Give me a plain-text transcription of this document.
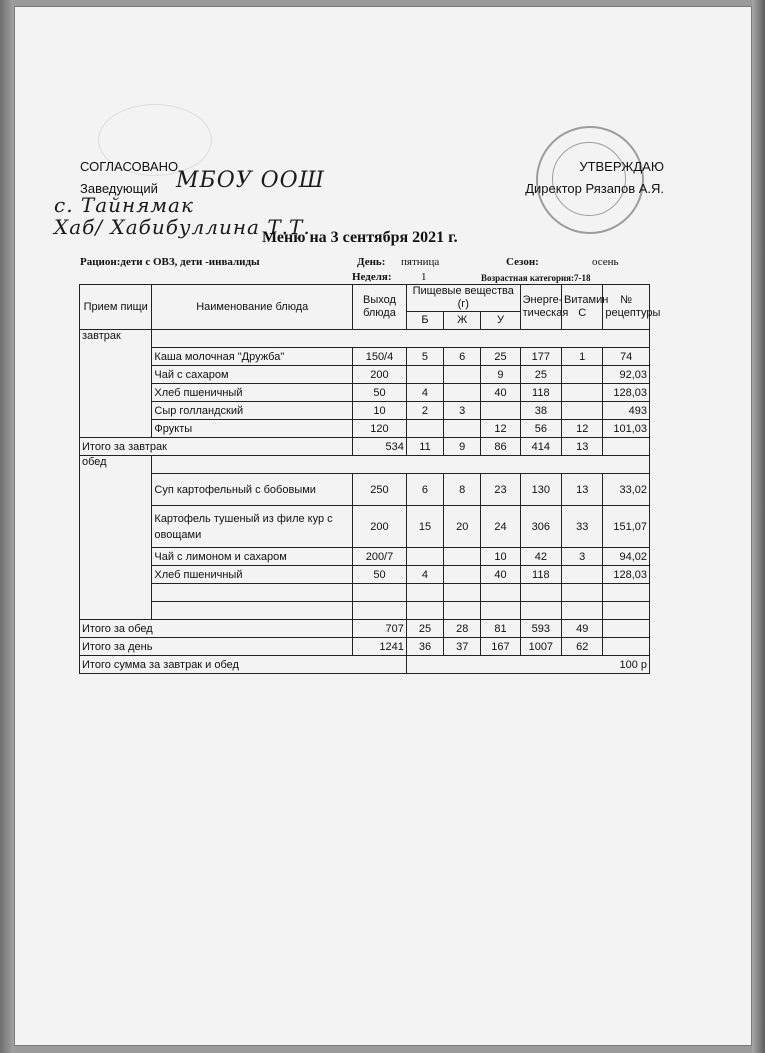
СОГЛАСОВАНО
Заведующий МБОУ ООШ
с. Тайнямак
Хаб/ Хабибуллина Т.Т.
УТВЕРЖДАЮ
Директор Рязапов А.Я.
Меню на 3 сентября 2021 г.
Рацион:дети с ОВЗ, дети -инвалиды	День: пятница	Сезон:	осень
Неделя:	1	Возрастная категория:7-18
Прием пищи	Наименование блюда	Выход блюда	Пищевые вещества (г)			Энерге-тическая	Витамин С	№ рецептуры
			Б	Ж	У			
завтрак								
	Каша молочная "Дружба"	150/4	5	6	25	177	1	74
	Чай с сахаром	200			9	25		92,03
	Хлеб пшеничный	50	4		40	118		128,03
	Сыр голландский	10	2	3		38		493
	Фрукты	120			12	56	12	101,03
Итого за завтрак		534	11	9	86	414	13	
обед								
	Суп картофельный с бобовыми	250	6	8	23	130	13	33,02
	Картофель тушеный из филе кур с овощами	200	15	20	24	306	33	151,07
	Чай с лимоном и сахаром	200/7			10	42	3	94,02
	Хлеб пшеничный	50	4		40	118		128,03

Итого за обед		707	25	28	81	593	49	
Итого за день		1241	36	37	167	1007	62	
Итого сумма за завтрак и обед			100 р					
